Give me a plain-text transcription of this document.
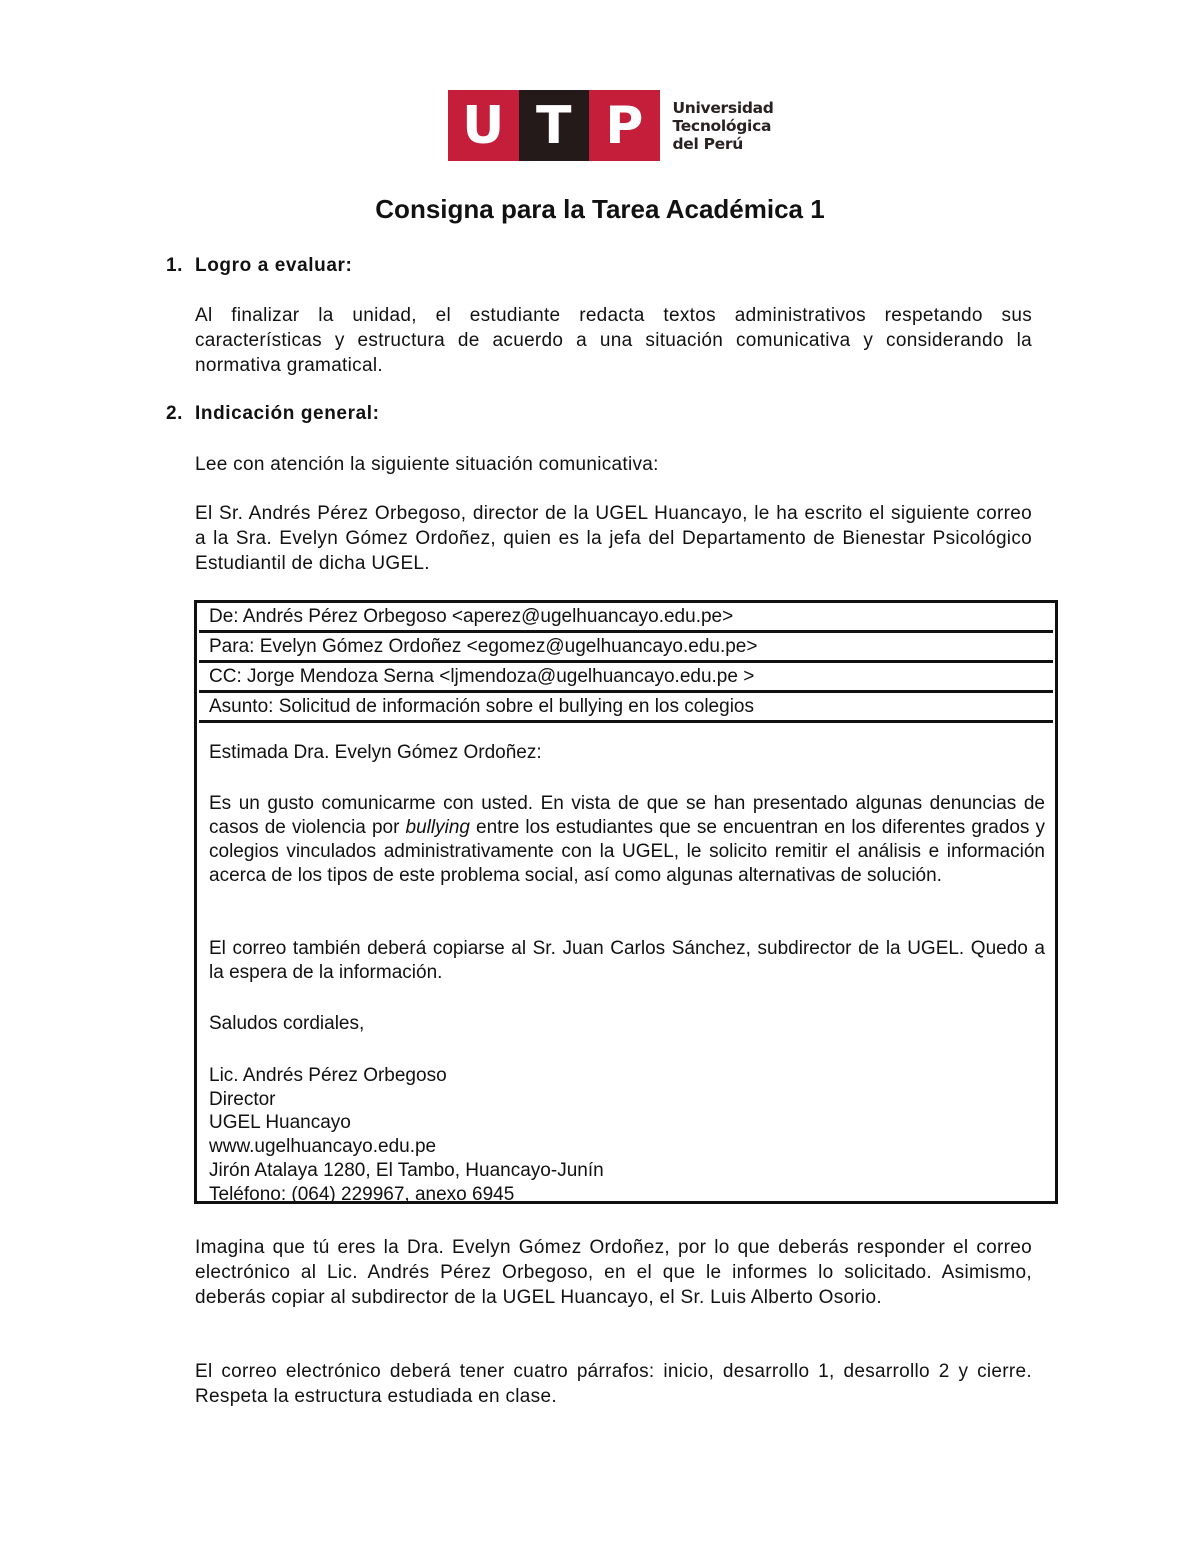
U T P	Universidad
Tecnológica
del Perú
Consigna para la Tarea Académica 1
1. Logro a evaluar:
Al finalizar la unidad, el estudiante redacta textos administrativos respetando sus características y estructura de acuerdo a una situación comunicativa y considerando la normativa gramatical.
2. Indicación general:
Lee con atención la siguiente situación comunicativa:
El Sr. Andrés Pérez Orbegoso, director de la UGEL Huancayo, le ha escrito el siguiente correo a la Sra. Evelyn Gómez Ordoñez, quien es la jefa del Departamento de Bienestar Psicológico Estudiantil de dicha UGEL.
De: Andrés Pérez Orbegoso <aperez@ugelhuancayo.edu.pe>
Para: Evelyn Gómez Ordoñez <egomez@ugelhuancayo.edu.pe>
CC: Jorge Mendoza Serna <ljmendoza@ugelhuancayo.edu.pe >
Asunto: Solicitud de información sobre el bullying en los colegios
Estimada Dra. Evelyn Gómez Ordoñez:

Es un gusto comunicarme con usted. En vista de que se han presentado algunas denuncias de casos de violencia por bullying entre los estudiantes que se encuentran en los diferentes grados y colegios vinculados administrativamente con la UGEL, le solicito remitir el análisis e información acerca de los tipos de este problema social, así como algunas alternativas de solución.

El correo también deberá copiarse al Sr. Juan Carlos Sánchez, subdirector de la UGEL. Quedo a la espera de la información.

Saludos cordiales,
Lic. Andrés Pérez Orbegoso
Director
UGEL Huancayo
www.ugelhuancayo.edu.pe
Jirón Atalaya 1280, El Tambo, Huancayo-Junín
Teléfono: (064) 229967, anexo 6945
Imagina que tú eres la Dra. Evelyn Gómez Ordoñez, por lo que deberás responder el correo electrónico al Lic. Andrés Pérez Orbegoso, en el que le informes lo solicitado. Asimismo, deberás copiar al subdirector de la UGEL Huancayo, el Sr. Luis Alberto Osorio.
El correo electrónico deberá tener cuatro párrafos: inicio, desarrollo 1, desarrollo 2 y cierre. Respeta la estructura estudiada en clase.
